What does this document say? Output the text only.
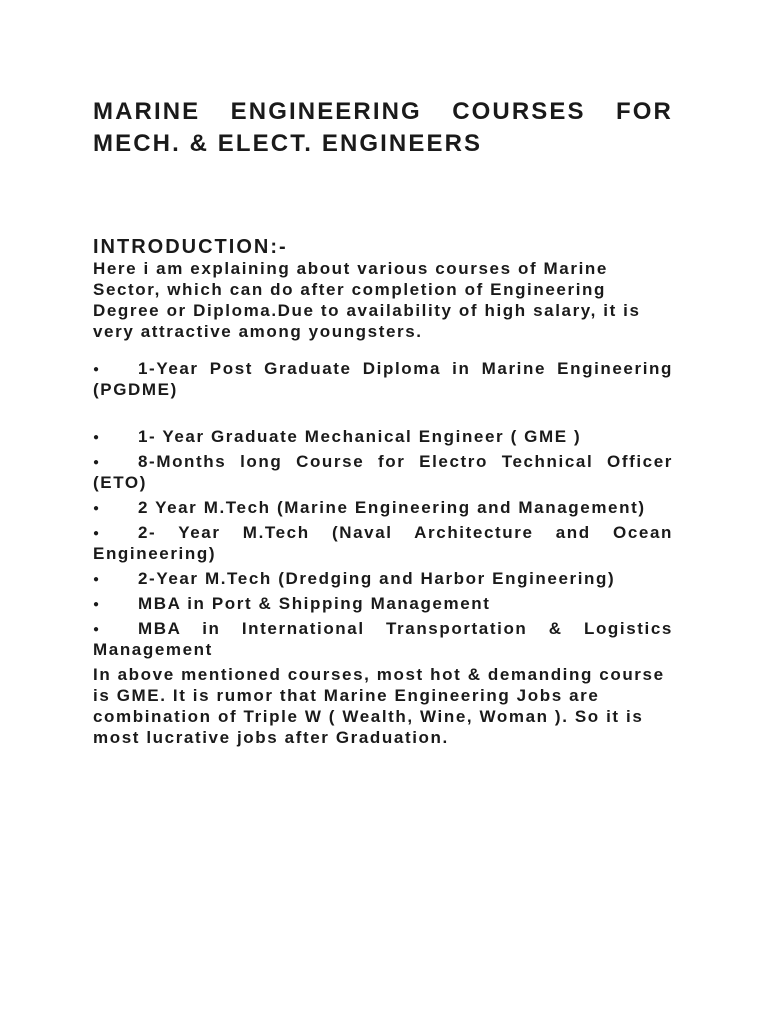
MARINE ENGINEERING COURSES FOR MECH. & ELECT. ENGINEERS
INTRODUCTION:-

Here i am explaining about various courses of Marine Sector, which can do after completion of Engineering Degree or Diploma.Due to availability of high salary, it is very attractive among youngsters.

● 1-Year Post Graduate Diploma in Marine Engineering (PGDME)
● 1- Year Graduate Mechanical Engineer ( GME )
● 8-Months long Course for Electro Technical Officer (ETO)
● 2 Year M.Tech (Marine Engineering and Management)
● 2- Year M.Tech (Naval Architecture and Ocean Engineering)
● 2-Year M.Tech (Dredging and Harbor Engineering)
● MBA in Port & Shipping Management
● MBA in International Transportation & Logistics Management

In above mentioned courses, most hot & demanding course is GME. It is rumor that Marine Engineering Jobs are combination of Triple W ( Wealth, Wine, Woman ). So it is most lucrative jobs after Graduation.
